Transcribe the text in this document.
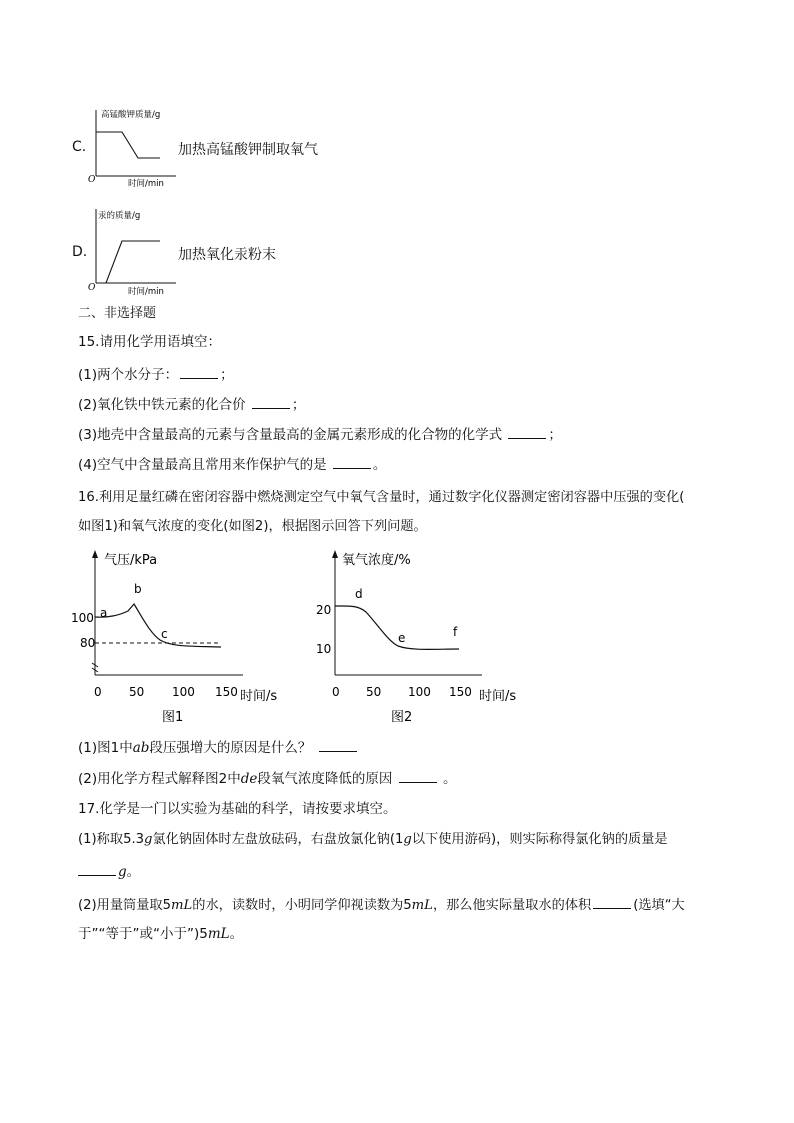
C.
高锰酸钾质量/g
O	时间/min
加热高锰酸钾制取氧气
D.
汞的质量/g
O	时间/min
加热氧化汞粉末
二、非选择题
15.请用化学用语填空：
(1)两个水分子：	；
(2)氧化铁中铁元素的化合价	；
(3)地壳中含量最高的元素与含量最高的金属元素形成的化合物的化学式	；
(4)空气中含量最高且常用来作保护气的是	。
16.利用足量红磷在密闭容器中燃烧测定空气中氧气含量时，通过数字化仪器测定密闭容器中压强的变化(
如图1)和氧气浓度的变化(如图2)，根据图示回答下列问题。
气压/kPa
100
80
a
b
c
0 50 100 150 时间/s
图1
氧气浓度/%
20
10
d
e	f
0 50 100 150 时间/s
图2
(1)图1中ab段压强增大的原因是什么？
(2)用化学方程式解释图2中de段氧气浓度降低的原因	。
17.化学是一门以实验为基础的科学，请按要求填空。
(1)称取5.3g氯化钠固体时左盘放砝码，右盘放氯化钠(1g以下使用游码)，则实际称得氯化钠的质量是
g。
(2)用量筒量取5mL的水，读数时，小明同学仰视读数为5mL，那么他实际量取水的体积	(选填“大
于”“等于”或“小于”)5mL。
